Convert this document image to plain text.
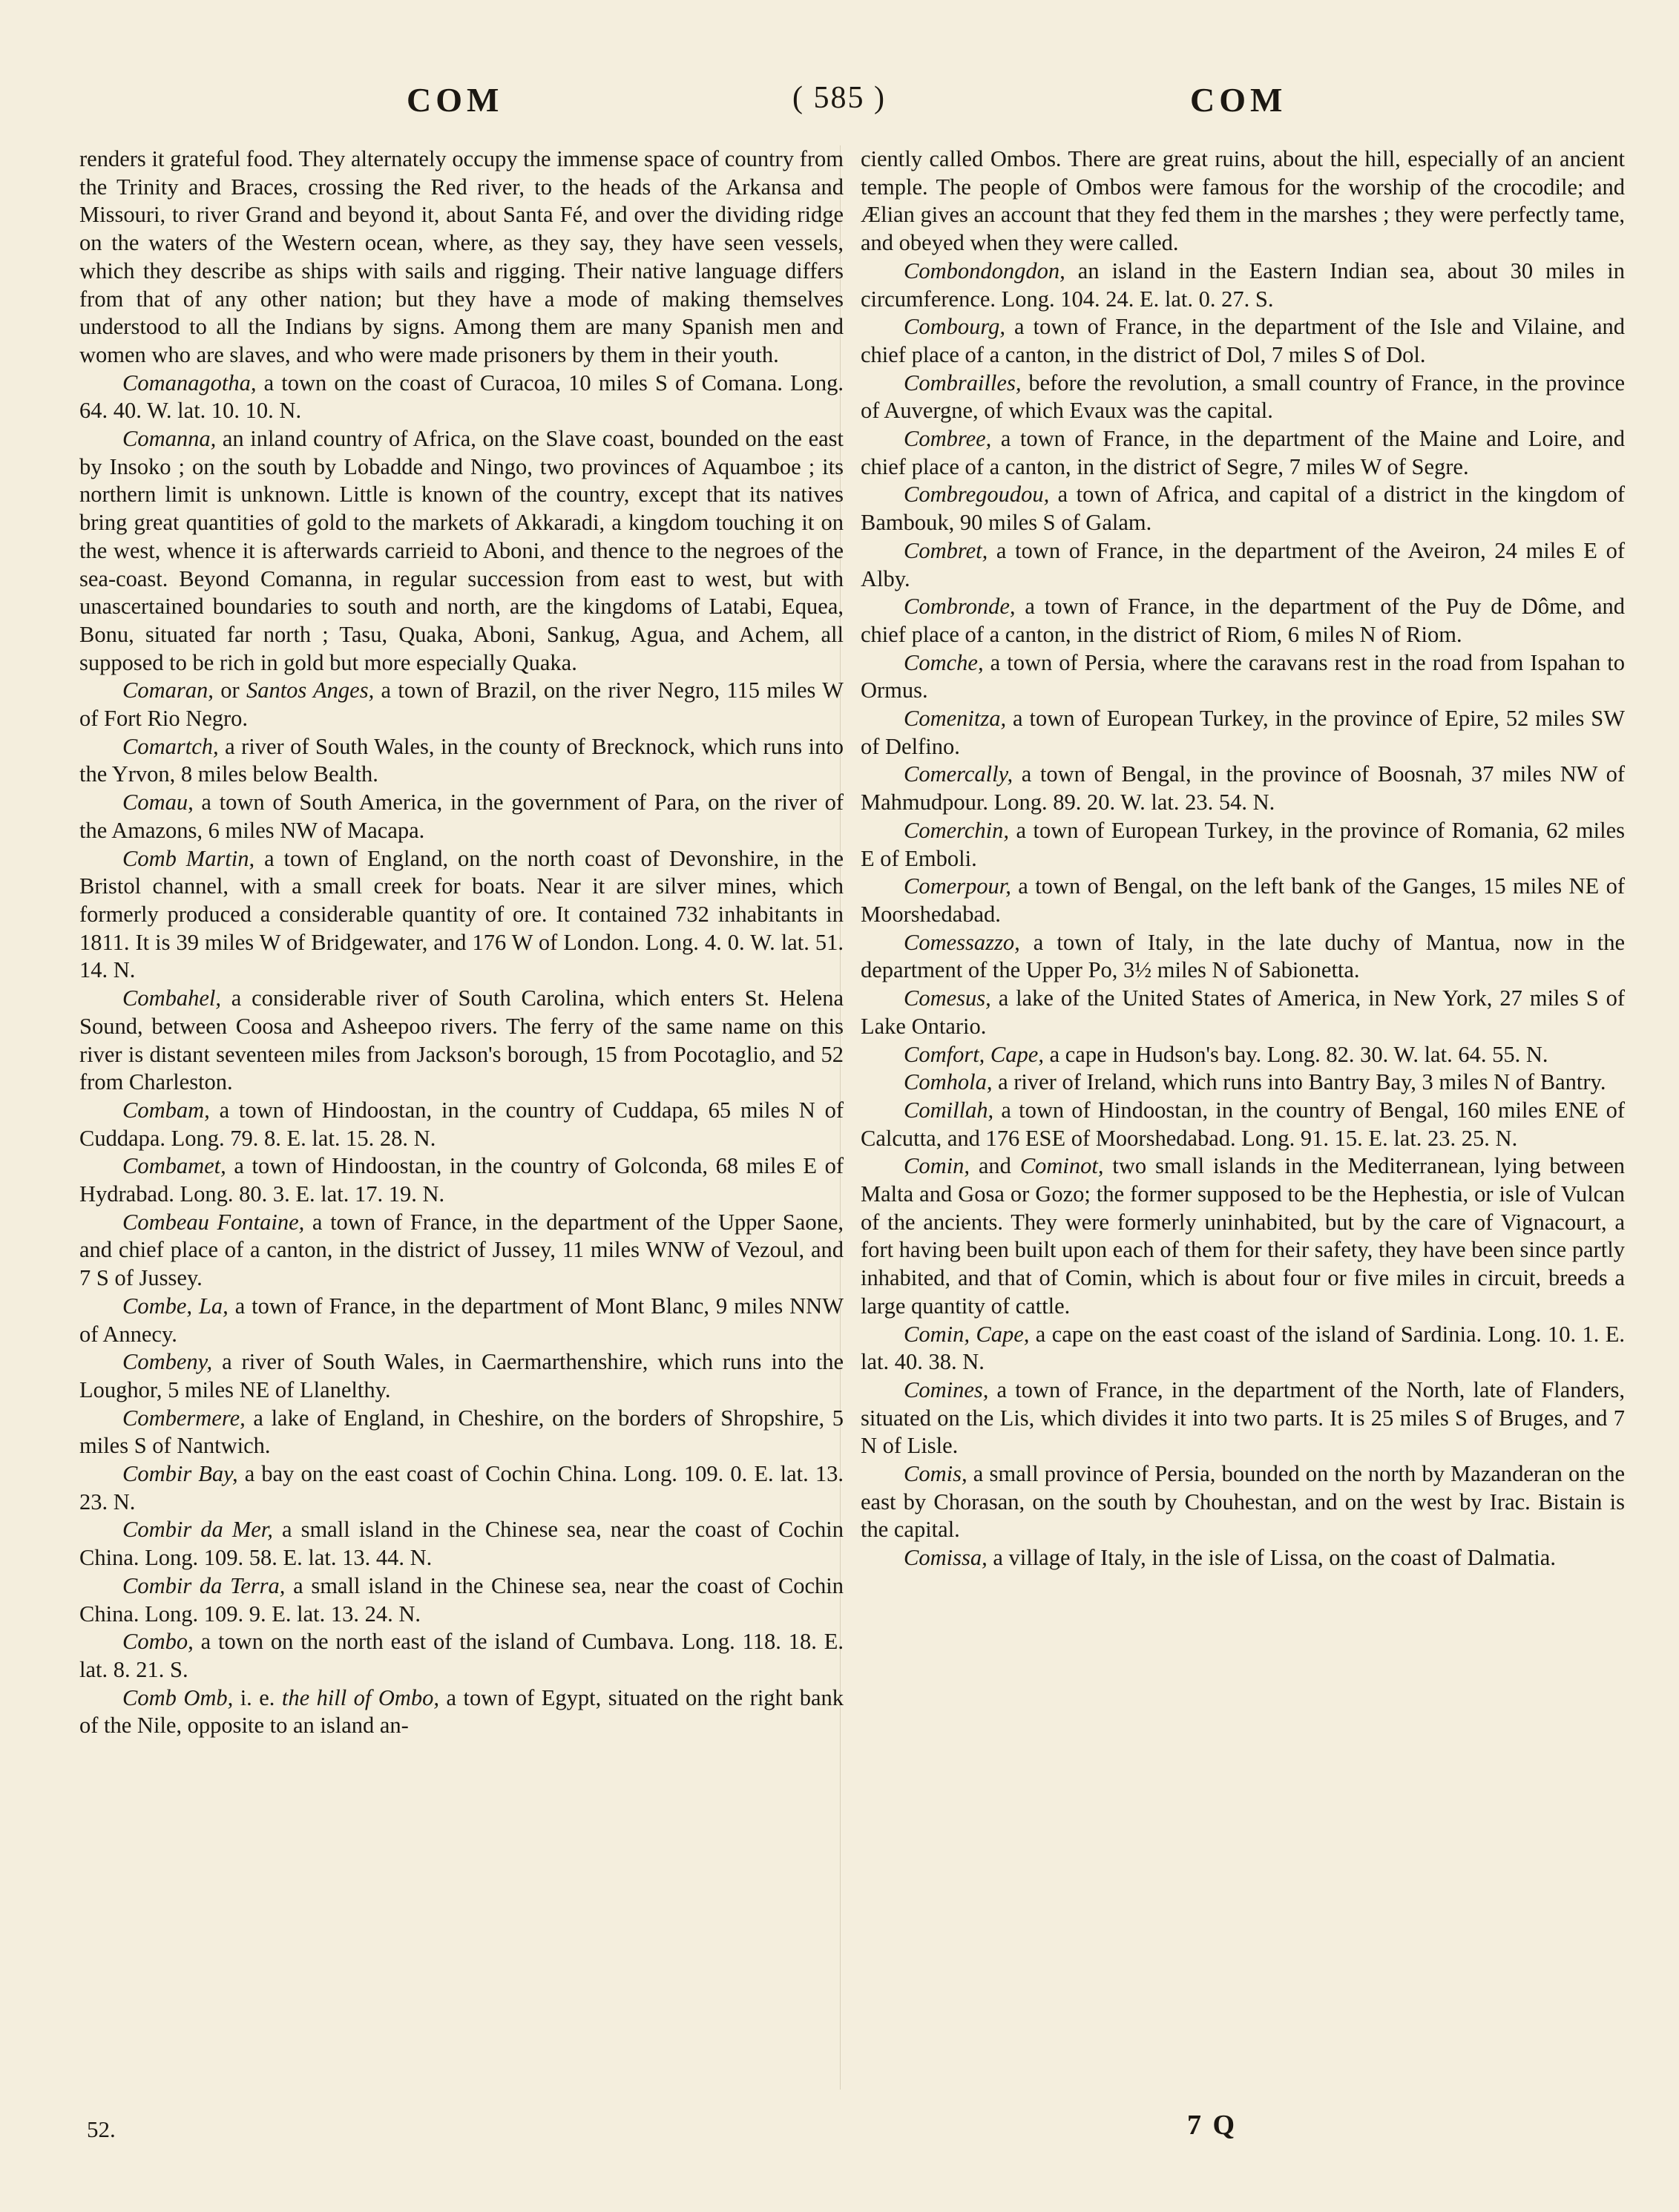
COM	( 585 )	COM

renders it grateful food. They alternately occupy the immense space of country from the Trinity and Braces, crossing the Red river, to the heads of the Arkansa and Missouri, to river Grand and beyond it, about Santa Fé, and over the dividing ridge on the waters of the Western ocean, where, as they say, they have seen vessels, which they describe as ships with sails and rigging. Their native language differs from that of any other nation; but they have a mode of making themselves understood to all the Indians by signs. Among them are many Spanish men and women who are slaves, and who were made prisoners by them in their youth.

Comanagotha, a town on the coast of Curacoa, 10 miles S of Comana. Long. 64. 40. W. lat. 10. 10. N.

Comanna, an inland country of Africa, on the Slave coast, bounded on the east by Insoko ; on the south by Lobadde and Ningo, two provinces of Aquamboe ; its northern limit is unknown. Little is known of the country, except that its natives bring great quantities of gold to the markets of Akkaradi, a kingdom touching it on the west, whence it is afterwards carrieid to Aboni, and thence to the negroes of the sea-coast. Beyond Comanna, in regular succession from east to west, but with unascertained boundaries to south and north, are the kingdoms of Latabi, Equea, Bonu, situated far north ; Tasu, Quaka, Aboni, Sankug, Agua, and Achem, all supposed to be rich in gold but more especially Quaka.

Comaran, or Santos Anges, a town of Brazil, on the river Negro, 115 miles W of Fort Rio Negro.

Comartch, a river of South Wales, in the county of Brecknock, which runs into the Yrvon, 8 miles below Bealth.

Comau, a town of South America, in the government of Para, on the river of the Amazons, 6 miles NW of Macapa.

Comb Martin, a town of England, on the north coast of Devonshire, in the Bristol channel, with a small creek for boats. Near it are silver mines, which formerly produced a considerable quantity of ore. It contained 732 inhabitants in 1811. It is 39 miles W of Bridgewater, and 176 W of London. Long. 4. 0. W. lat. 51. 14. N.

Combahel, a considerable river of South Carolina, which enters St. Helena Sound, between Coosa and Asheepoo rivers. The ferry of the same name on this river is distant seventeen miles from Jackson's borough, 15 from Pocotaglio, and 52 from Charleston.

Combam, a town of Hindoostan, in the country of Cuddapa, 65 miles N of Cuddapa. Long. 79. 8. E. lat. 15. 28. N.

Combamet, a town of Hindoostan, in the country of Golconda, 68 miles E of Hydrabad. Long. 80. 3. E. lat. 17. 19. N.

Combeau Fontaine, a town of France, in the department of the Upper Saone, and chief place of a canton, in the district of Jussey, 11 miles WNW of Vezoul, and 7 S of Jussey.

Combe, La, a town of France, in the department of Mont Blanc, 9 miles NNW of Annecy.

Combeny, a river of South Wales, in Caermarthenshire, which runs into the Loughor, 5 miles NE of Llanelthy.

Combermere, a lake of England, in Cheshire, on the borders of Shropshire, 5 miles S of Nantwich.

Combir Bay, a bay on the east coast of Cochin China. Long. 109. 0. E. lat. 13. 23. N.

Combir da Mer, a small island in the Chinese sea, near the coast of Cochin China. Long. 109. 58. E. lat. 13. 44. N.

Combir da Terra, a small island in the Chinese sea, near the coast of Cochin China. Long. 109. 9. E. lat. 13. 24. N.

Combo, a town on the north east of the island of Cumbava. Long. 118. 18. E. lat. 8. 21. S.

Comb Omb, i. e. the hill of Ombo, a town of Egypt, situated on the right bank of the Nile, opposite to an island an-

ciently called Ombos. There are great ruins, about the hill, especially of an ancient temple. The people of Ombos were famous for the worship of the crocodile; and Ælian gives an account that they fed them in the marshes ; they were perfectly tame, and obeyed when they were called.

Combondongdon, an island in the Eastern Indian sea, about 30 miles in circumference. Long. 104. 24. E. lat. 0. 27. S.

Combourg, a town of France, in the department of the Isle and Vilaine, and chief place of a canton, in the district of Dol, 7 miles S of Dol.

Combrailles, before the revolution, a small country of France, in the province of Auvergne, of which Evaux was the capital.

Combree, a town of France, in the department of the Maine and Loire, and chief place of a canton, in the district of Segre, 7 miles W of Segre.

Combregoudou, a town of Africa, and capital of a district in the kingdom of Bambouk, 90 miles S of Galam.

Combret, a town of France, in the department of the Aveiron, 24 miles E of Alby.

Combronde, a town of France, in the department of the Puy de Dôme, and chief place of a canton, in the district of Riom, 6 miles N of Riom.

Comche, a town of Persia, where the caravans rest in the road from Ispahan to Ormus.

Comenitza, a town of European Turkey, in the province of Epire, 52 miles SW of Delfino.

Comercally, a town of Bengal, in the province of Boosnah, 37 miles NW of Mahmudpour. Long. 89. 20. W. lat. 23. 54. N.

Comerchin, a town of European Turkey, in the province of Romania, 62 miles E of Emboli.

Comerpour, a town of Bengal, on the left bank of the Ganges, 15 miles NE of Moorshedabad.

Comessazzo, a town of Italy, in the late duchy of Mantua, now in the department of the Upper Po, 3½ miles N of Sabionetta.

Comesus, a lake of the United States of America, in New York, 27 miles S of Lake Ontario.

Comfort, Cape, a cape in Hudson's bay. Long. 82. 30. W. lat. 64. 55. N.

Comhola, a river of Ireland, which runs into Bantry Bay, 3 miles N of Bantry.

Comillah, a town of Hindoostan, in the country of Bengal, 160 miles ENE of Calcutta, and 176 ESE of Moorshedabad. Long. 91. 15. E. lat. 23. 25. N.

Comin, and Cominot, two small islands in the Mediterranean, lying between Malta and Gosa or Gozo; the former supposed to be the Hephestia, or isle of Vulcan of the ancients. They were formerly uninhabited, but by the care of Vignacourt, a fort having been built upon each of them for their safety, they have been since partly inhabited, and that of Comin, which is about four or five miles in circuit, breeds a large quantity of cattle.

Comin, Cape, a cape on the east coast of the island of Sardinia. Long. 10. 1. E. lat. 40. 38. N.

Comines, a town of France, in the department of the North, late of Flanders, situated on the Lis, which divides it into two parts. It is 25 miles S of Bruges, and 7 N of Lisle.

Comis, a small province of Persia, bounded on the north by Mazanderan on the east by Chorasan, on the south by Chouhestan, and on the west by Irac. Bistain is the capital.

Comissa, a village of Italy, in the isle of Lissa, on the coast of Dalmatia.

52.	7 Q
